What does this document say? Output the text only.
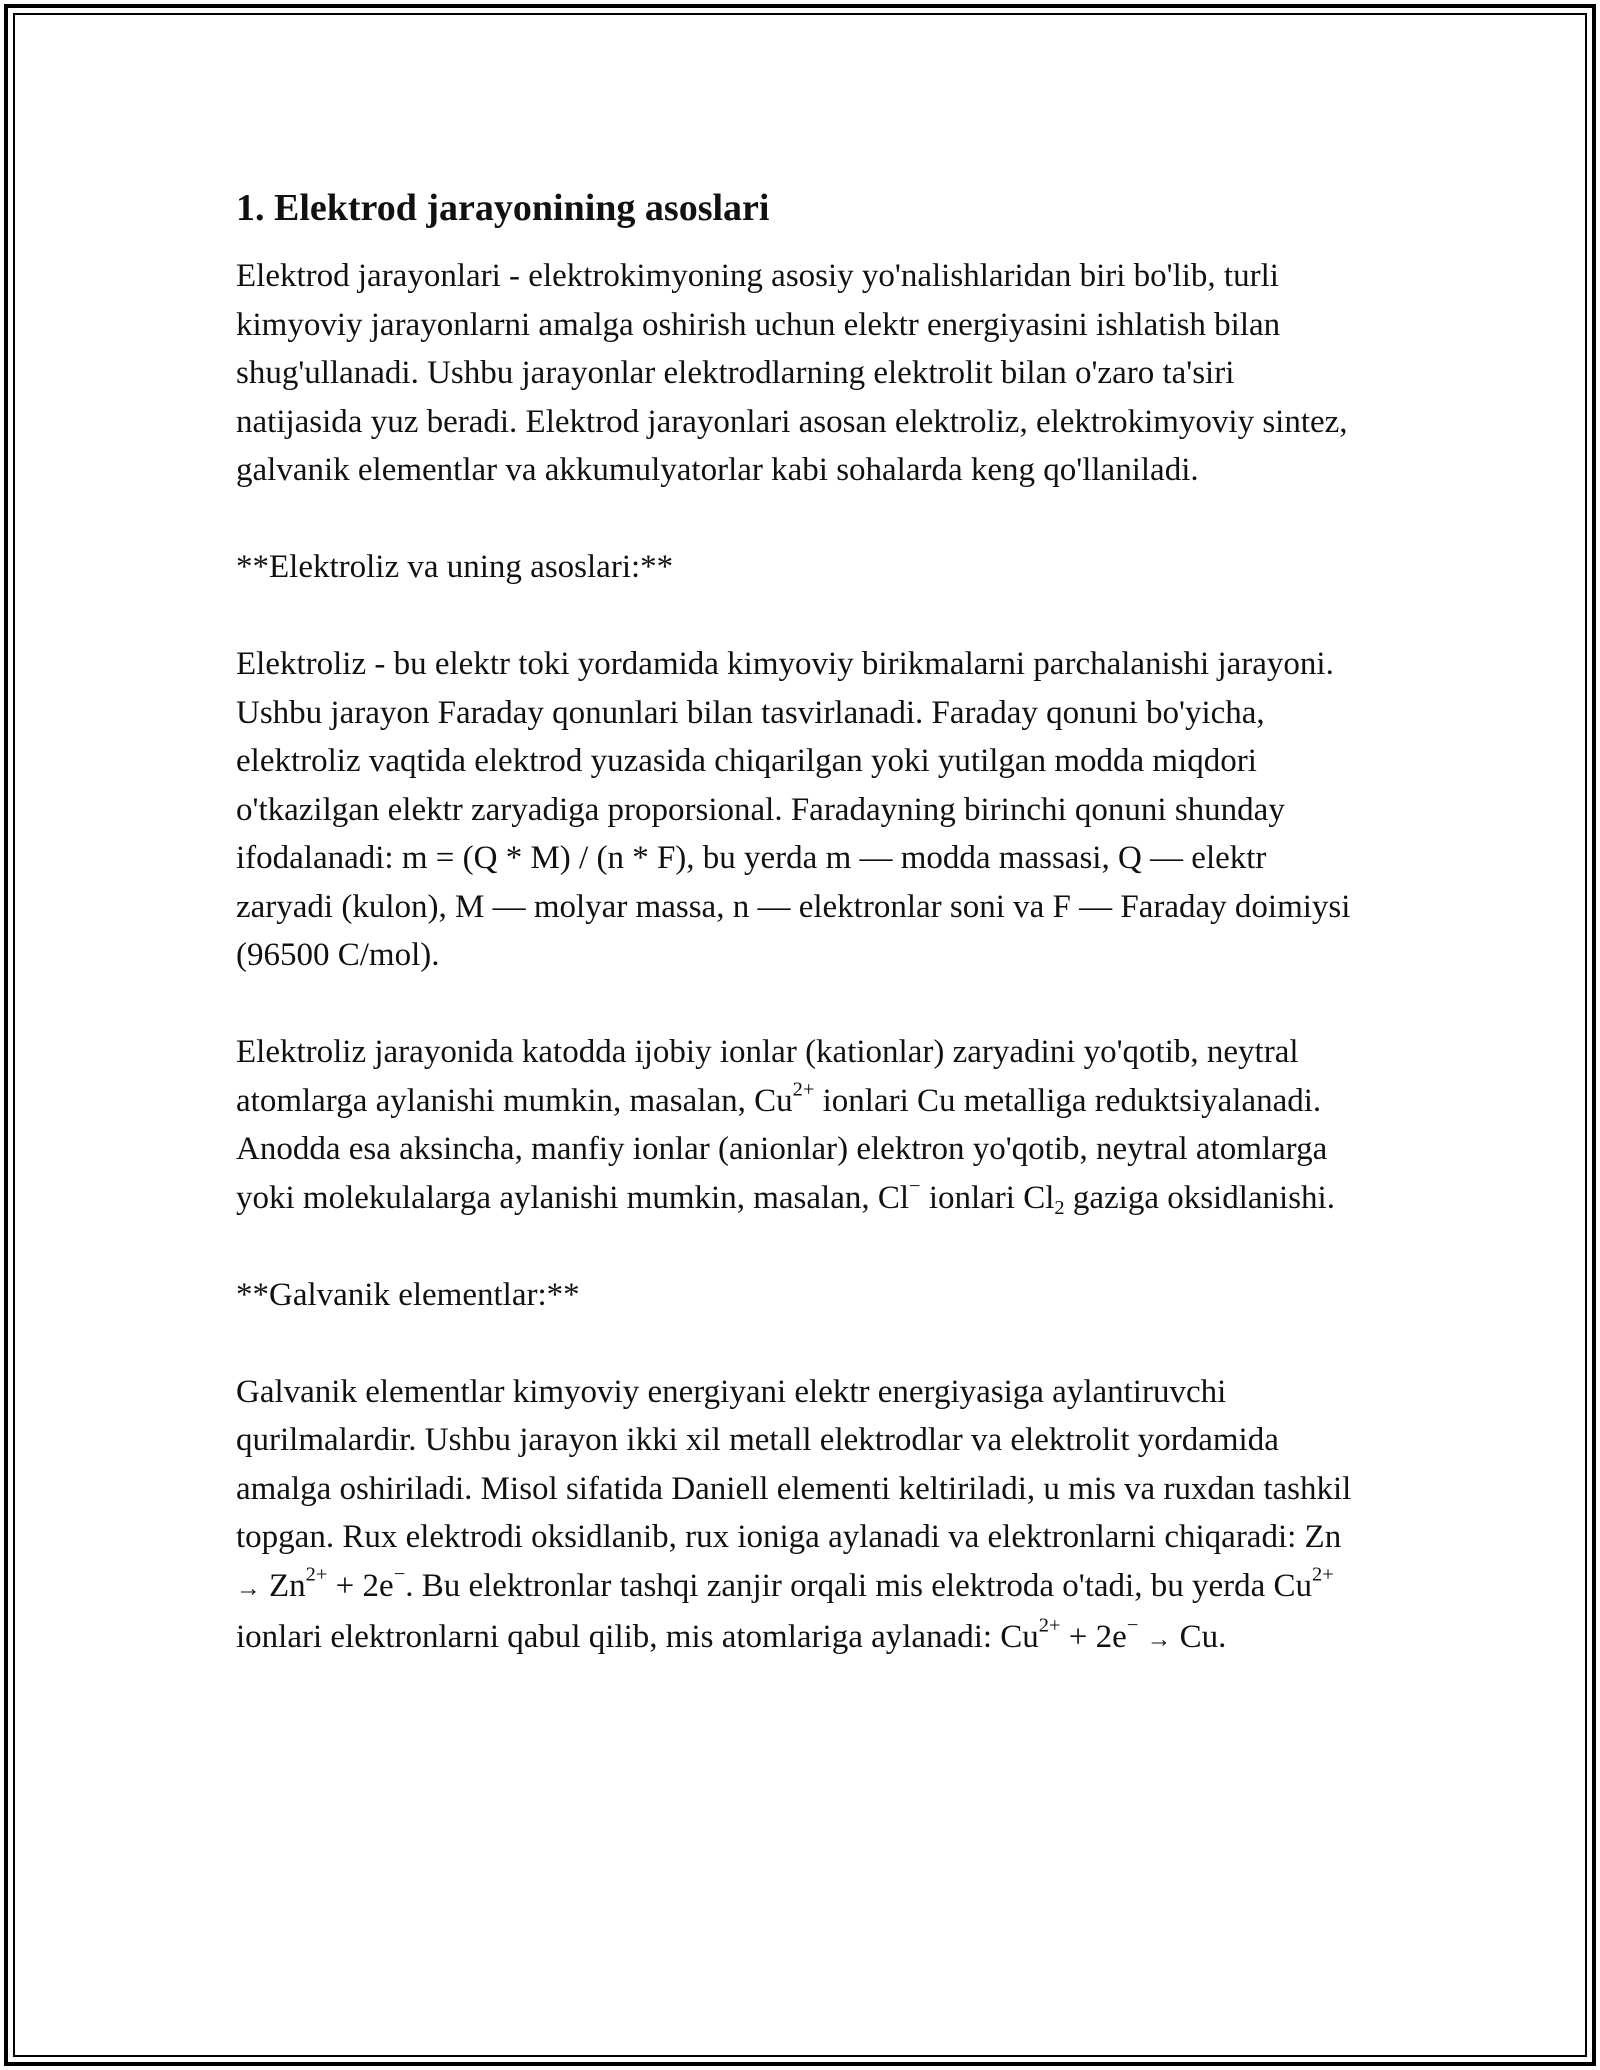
1. Elektrod jarayonining asoslari

Elektrod jarayonlari - elektrokimyoning asosiy yo'nalishlaridan biri bo'lib, turli kimyoviy jarayonlarni amalga oshirish uchun elektr energiyasini ishlatish bilan shug'ullanadi. Ushbu jarayonlar elektrodlarning elektrolit bilan o'zaro ta'siri natijasida yuz beradi. Elektrod jarayonlari asosan elektroliz, elektrokimyoviy sintez, galvanik elementlar va akkumulyatorlar kabi sohalarda keng qo'llaniladi.

**Elektroliz va uning asoslari:**

Elektroliz - bu elektr toki yordamida kimyoviy birikmalarni parchalanishi jarayoni. Ushbu jarayon Faraday qonunlari bilan tasvirlanadi. Faraday qonuni bo'yicha, elektroliz vaqtida elektrod yuzasida chiqarilgan yoki yutilgan modda miqdori o'tkazilgan elektr zaryadiga proporsional. Faradayning birinchi qonuni shunday ifodalanadi: m = (Q * M) / (n * F), bu yerda m — modda massasi, Q — elektr zaryadi (kulon), M — molyar massa, n — elektronlar soni va F — Faraday doimiysi (96500 C/mol).

Elektroliz jarayonida katodda ijobiy ionlar (kationlar) zaryadini yo'qotib, neytral atomlarga aylanishi mumkin, masalan, $Cu^{2+}$ ionlari Cu metalliga reduktsiyalanadi. Anodda esa aksincha, manfiy ionlar (anionlar) elektron yo'qotib, neytral atomlarga yoki molekulalarga aylanishi mumkin, masalan, Cl− ionlari $Cl_2$ gaziga oksidlanishi.

**Galvanik elementlar:**

Galvanik elementlar kimyoviy energiyani elektr energiyasiga aylantiruvchi qurilmalardir. Ushbu jarayon ikki xil metall elektrodlar va elektrolit yordamida amalga oshiriladi. Misol sifatida Daniell elementi keltiriladi, u mis va ruxdan tashkil topgan. Rux elektrodi oksidlanib, rux ioniga aylanadi va elektronlarni chiqaradi: $Zn \to Zn^{2+} + 2e^-$. Bu elektronlar tashqi zanjir orqali mis elektroda o'tadi, bu yerda $Cu^{2+}$ ionlari elektronlarni qabul qilib, mis atomlariga aylanadi: $Cu^{2+} + 2e^- \to Cu$.
